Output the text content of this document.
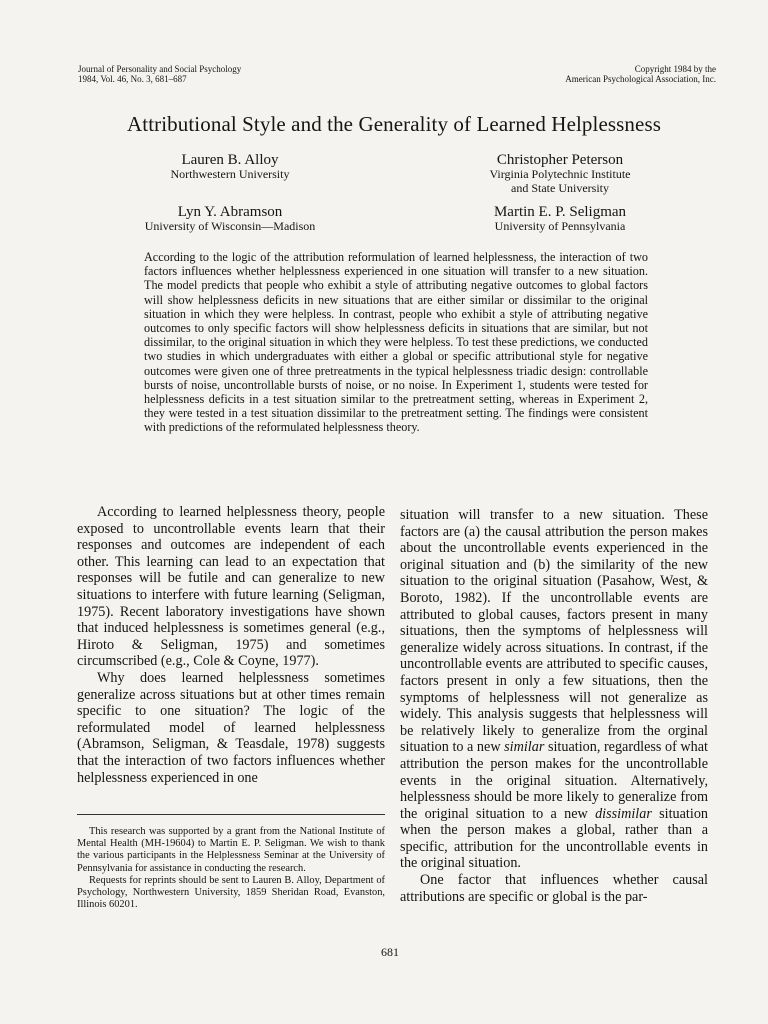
Journal of Personality and Social Psychology
1984, Vol. 46, No. 3, 681–687
Copyright 1984 by the
American Psychological Association, Inc.
Attributional Style and the Generality of Learned Helplessness
Lauren B. Alloy
Northwestern University
Christopher Peterson
Virginia Polytechnic Institute
and State University
Lyn Y. Abramson
University of Wisconsin—Madison
Martin E. P. Seligman
University of Pennsylvania
According to the logic of the attribution reformulation of learned helplessness, the interaction of two factors influences whether helplessness experienced in one situation will transfer to a new situation. The model predicts that people who exhibit a style of attributing negative outcomes to global factors will show helplessness deficits in new situations that are either similar or dissimilar to the original situation in which they were helpless. In contrast, people who exhibit a style of attributing negative outcomes to only specific factors will show helplessness deficits in situations that are similar, but not dissimilar, to the original situation in which they were helpless. To test these predictions, we conducted two studies in which undergraduates with either a global or specific attributional style for negative outcomes were given one of three pretreatments in the typical helplessness triadic design: controllable bursts of noise, uncontrollable bursts of noise, or no noise. In Experiment 1, students were tested for helplessness deficits in a test situation similar to the pretreatment setting, whereas in Experiment 2, they were tested in a test situation dissimilar to the pretreatment setting. The findings were consistent with predictions of the reformulated helplessness theory.

According to learned helplessness theory, people exposed to uncontrollable events learn that their responses and outcomes are independent of each other. This learning can lead to an expectation that responses will be futile and can generalize to new situations to interfere with future learning (Seligman, 1975). Recent laboratory investigations have shown that induced helplessness is sometimes general (e.g., Hiroto & Seligman, 1975) and sometimes circumscribed (e.g., Cole & Coyne, 1977).

Why does learned helplessness sometimes generalize across situations but at other times remain specific to one situation? The logic of the reformulated model of learned helplessness (Abramson, Seligman, & Teasdale, 1978) suggests that the interaction of two factors influences whether helplessness experienced in one

This research was supported by a grant from the National Institute of Mental Health (MH-19604) to Martin E. P. Seligman. We wish to thank the various participants in the Helplessness Seminar at the University of Pennsylvania for assistance in conducting the research.

Requests for reprints should be sent to Lauren B. Alloy, Department of Psychology, Northwestern University, 1859 Sheridan Road, Evanston, Illinois 60201.

situation will transfer to a new situation. These factors are (a) the causal attribution the person makes about the uncontrollable events experienced in the original situation and (b) the similarity of the new situation to the original situation (Pasahow, West, & Boroto, 1982). If the uncontrollable events are attributed to global causes, factors present in many situations, then the symptoms of helplessness will generalize widely across situations. In contrast, if the uncontrollable events are attributed to specific causes, factors present in only a few situations, then the symptoms of helplessness will not generalize as widely. This analysis suggests that helplessness will be relatively likely to generalize from the orginal situation to a new similar situation, regardless of what attribution the person makes for the uncontrollable events in the original situation. Alternatively, helplessness should be more likely to generalize from the original situation to a new dissimilar situation when the person makes a global, rather than a specific, attribution for the uncontrollable events in the original situation.

One factor that influences whether causal attributions are specific or global is the par-

681
